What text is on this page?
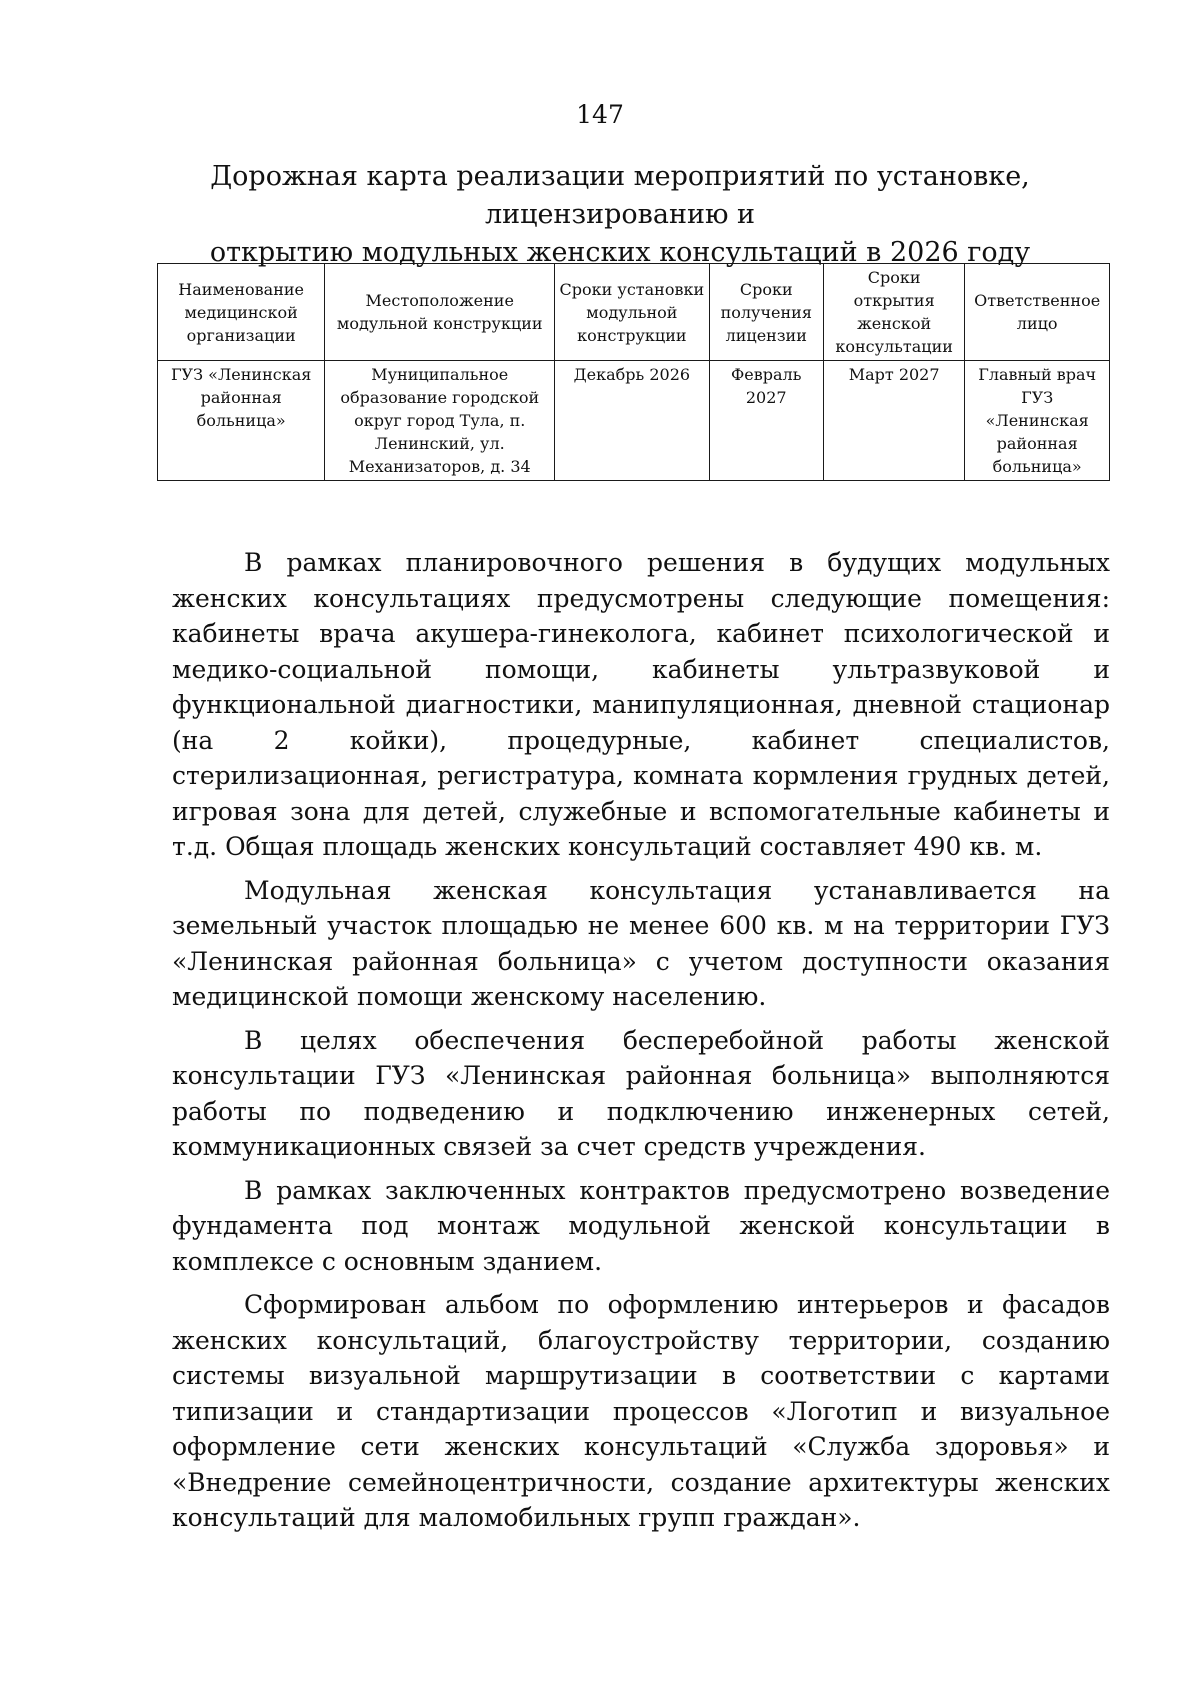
147
Дорожная карта реализации мероприятий по установке, лицензированию и
открытию модульных женских консультаций в 2026 году
Наименование медицинской организации	Местоположение модульной конструкции	Сроки установки модульной конструкции	Сроки получения лицензии	Сроки открытия женской консультации	Ответственное лицо
ГУЗ «Ленинская районная больница»	Муниципальное образование городской округ город Тула, п. Ленинский, ул. Механизаторов, д. 34	Декабрь 2026	Февраль 2027	Март 2027	Главный врач ГУЗ «Ленинская районная больница»

В рамках планировочного решения в будущих модульных женских консультациях предусмотрены следующие помещения: кабинеты врача акушера-гинеколога, кабинет психологической и медико-социальной помощи, кабинеты ультразвуковой и функциональной диагностики, манипуляционная, дневной стационар (на 2 койки), процедурные, кабинет специалистов, стерилизационная, регистратура, комната кормления грудных детей, игровая зона для детей, служебные и вспомогательные кабинеты и т.д. Общая площадь женских консультаций составляет 490 кв. м.

Модульная женская консультация устанавливается на земельный участок площадью не менее 600 кв. м на территории ГУЗ «Ленинская районная больница» с учетом доступности оказания медицинской помощи женскому населению.

В целях обеспечения бесперебойной работы женской консультации ГУЗ «Ленинская районная больница» выполняются работы по подведению и подключению инженерных сетей, коммуникационных связей за счет средств учреждения.

В рамках заключенных контрактов предусмотрено возведение фундамента под монтаж модульной женской консультации в комплексе с основным зданием.

Сформирован альбом по оформлению интерьеров и фасадов женских консультаций, благоустройству территории, созданию системы визуальной маршрутизации в соответствии с картами типизации и стандартизации процессов «Логотип и визуальное оформление сети женских консультаций «Служба здоровья» и «Внедрение семейноцентричности, создание архитектуры женских консультаций для маломобильных групп граждан».
